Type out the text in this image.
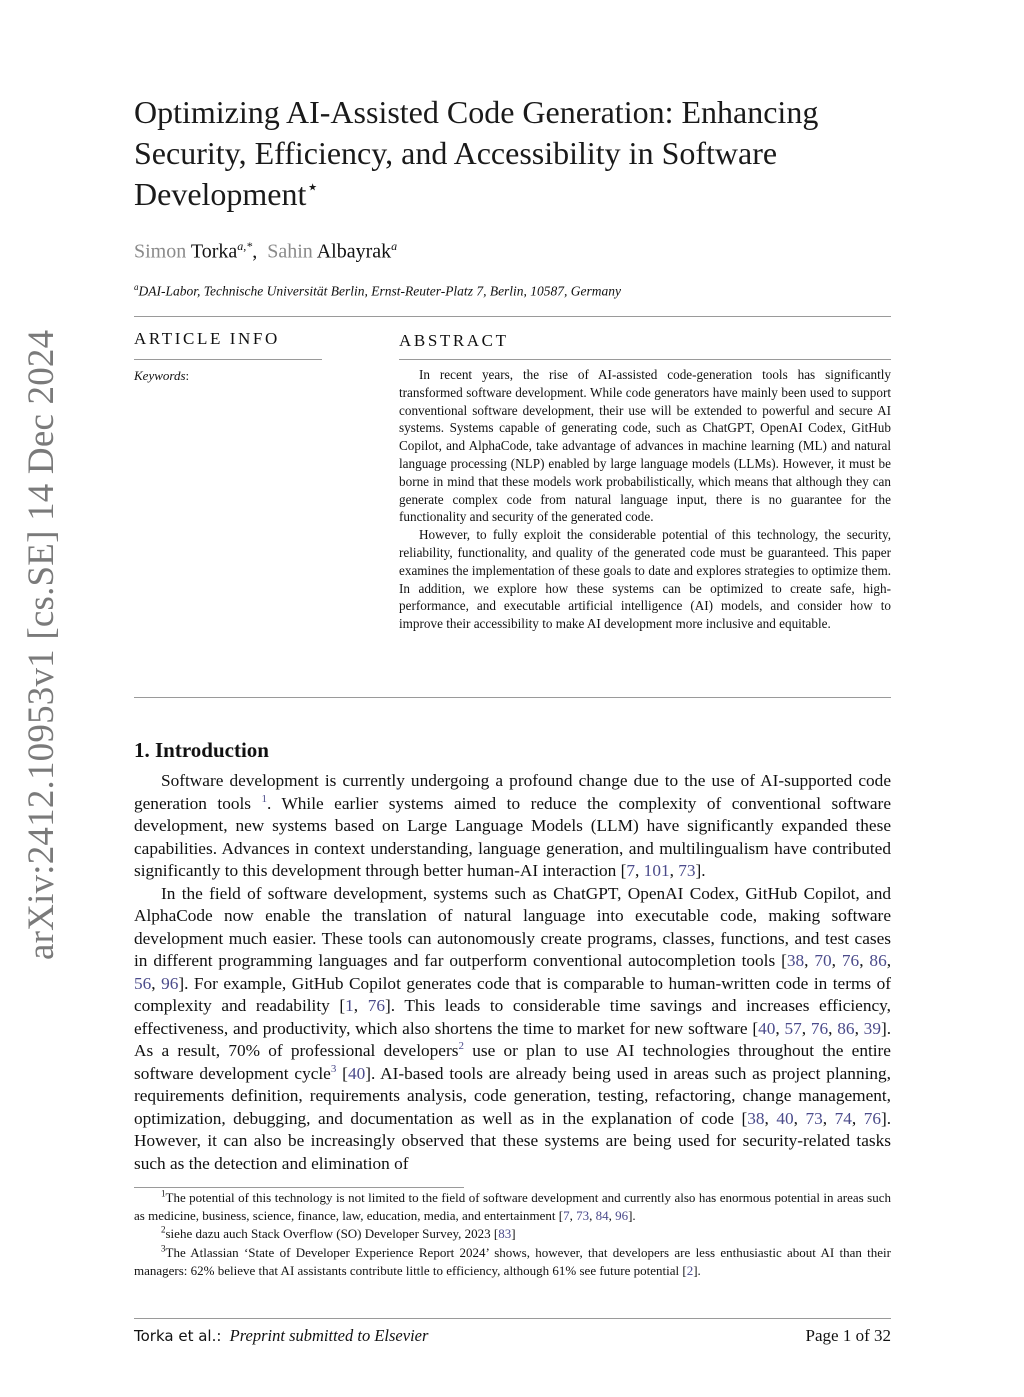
arXiv:2412.10953v1 [cs.SE] 14 Dec 2024
Optimizing AI-Assisted Code Generation: Enhancing Security, Efficiency, and Accessibility in Software Development⋆
Simon Torka$^{a,*}$,  Sahin Albayrak$^a$
$^a$DAI-Labor, Technische Universität Berlin, Ernst-Reuter-Platz 7, Berlin, 10587, Germany
ARTICLE INFO	ABSTRACT
Keywords:	In recent years, the rise of AI-assisted code-generation tools has significantly transformed software development. While code generators have mainly been used to support conventional software development, their use will be extended to powerful and secure AI systems. Systems capable of generating code, such as ChatGPT, OpenAI Codex, GitHub Copilot, and AlphaCode, take advantage of advances in machine learning (ML) and natural language processing (NLP) enabled by large language models (LLMs). However, it must be borne in mind that these models work probabilistically, which means that although they can generate complex code from natural language input, there is no guarantee for the functionality and security of the generated code.

However, to fully exploit the considerable potential of this technology, the security, reliability, functionality, and quality of the generated code must be guaranteed. This paper examines the implementation of these goals to date and explores strategies to optimize them. In addition, we explore how these systems can be optimized to create safe, high-performance, and executable artificial intelligence (AI) models, and consider how to improve their accessibility to make AI development more inclusive and equitable.

1. Introduction

Software development is currently undergoing a profound change due to the use of AI-supported code generation tools $^1$. While earlier systems aimed to reduce the complexity of conventional software development, new systems based on Large Language Models (LLM) have significantly expanded these capabilities. Advances in context understanding, language generation, and multilingualism have contributed significantly to this development through better human-AI interaction [7, 101, 73].

In the field of software development, systems such as ChatGPT, OpenAI Codex, GitHub Copilot, and AlphaCode now enable the translation of natural language into executable code, making software development much easier. These tools can autonomously create programs, classes, functions, and test cases in different programming languages and far outperform conventional autocompletion tools [38, 70, 76, 86, 56, 96]. For example, GitHub Copilot generates code that is comparable to human-written code in terms of complexity and readability [1, 76]. This leads to considerable time savings and increases efficiency, effectiveness, and productivity, which also shortens the time to market for new software [40, 57, 76, 86, 39]. As a result, 70% of professional developers$^2$ use or plan to use AI technologies throughout the entire software development cycle$^3$ [40]. AI-based tools are already being used in areas such as project planning, requirements definition, requirements analysis, code generation, testing, refactoring, change management, optimization, debugging, and documentation as well as in the explanation of code [38, 40, 73, 74, 76]. However, it can also be increasingly observed that these systems are being used for security-related tasks such as the detection and elimination of

$^1$The potential of this technology is not limited to the field of software development and currently also has enormous potential in areas such as medicine, business, science, finance, law, education, media, and entertainment [7, 73, 84, 96].

$^2$siehe dazu auch Stack Overflow (SO) Developer Survey, 2023 [83]

$^3$The Atlassian ‘State of Developer Experience Report 2024’ shows, however, that developers are less enthusiastic about AI than their managers: 62% believe that AI assistants contribute little to efficiency, although 61% see future potential [2].

Torka et al.: Preprint submitted to Elsevier	Page 1 of 32
